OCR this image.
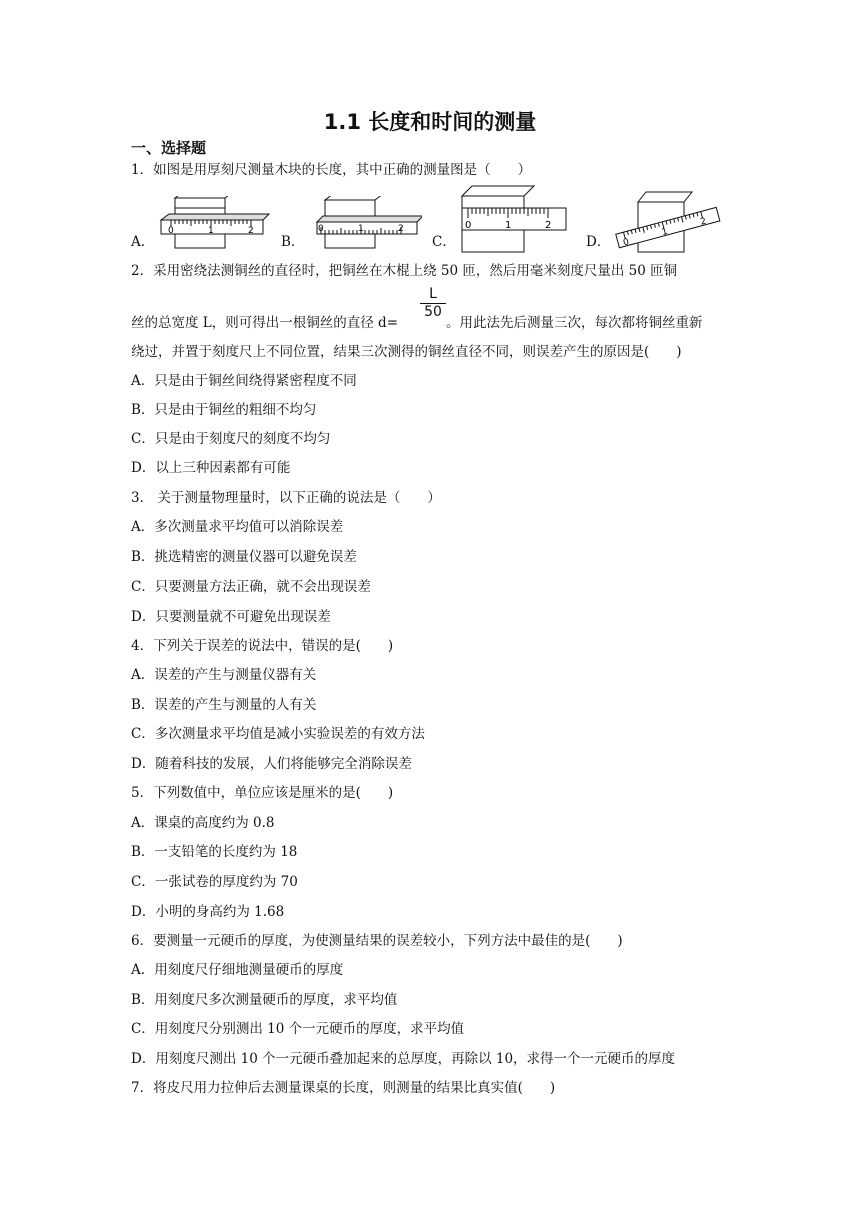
1.1 长度和时间的测量
一、选择题
1．如图是用厚刻尺测量木块的长度，其中正确的测量图是（　　）
A．
0	1	2
B．
0	1	2
C．
0	1	2
D． 0
1
2
2．采用密绕法测铜丝的直径时，把铜丝在木棍上绕 50 匝，然后用毫米刻度尺量出 50 匝铜
丝的总宽度 L，则可得出一根铜丝的直径 d=
$\frac{L}{50}$
。用此法先后测量三次，每次都将铜丝重新
绕过，并置于刻度尺上不同位置，结果三次测得的铜丝直径不同，则误差产生的原因是(　　)
A．只是由于铜丝间绕得紧密程度不同
B．只是由于铜丝的粗细不均匀
C．只是由于刻度尺的刻度不均匀
D．以上三种因素都有可能
3． 关于测量物理量时，以下正确的说法是（　　）
A．多次测量求平均值可以消除误差
B．挑选精密的测量仪器可以避免误差
C．只要测量方法正确，就不会出现误差
D．只要测量就不可避免出现误差
4．下列关于误差的说法中，错误的是(　　)
A．误差的产生与测量仪器有关
B．误差的产生与测量的人有关
C．多次测量求平均值是减小实验误差的有效方法
D．随着科技的发展，人们将能够完全消除误差
5．下列数值中，单位应该是厘米的是(　　)
A．课桌的高度约为 0.8
B．一支铅笔的长度约为 18
C．一张试卷的厚度约为 70
D．小明的身高约为 1.68
6．要测量一元硬币的厚度，为使测量结果的误差较小，下列方法中最佳的是(　　)
A．用刻度尺仔细地测量硬币的厚度
B．用刻度尺多次测量硬币的厚度，求平均值
C．用刻度尺分别测出 10 个一元硬币的厚度，求平均值
D．用刻度尺测出 10 个一元硬币叠加起来的总厚度，再除以 10，求得一个一元硬币的厚度
7．将皮尺用力拉伸后去测量课桌的长度，则测量的结果比真实值(　　)
